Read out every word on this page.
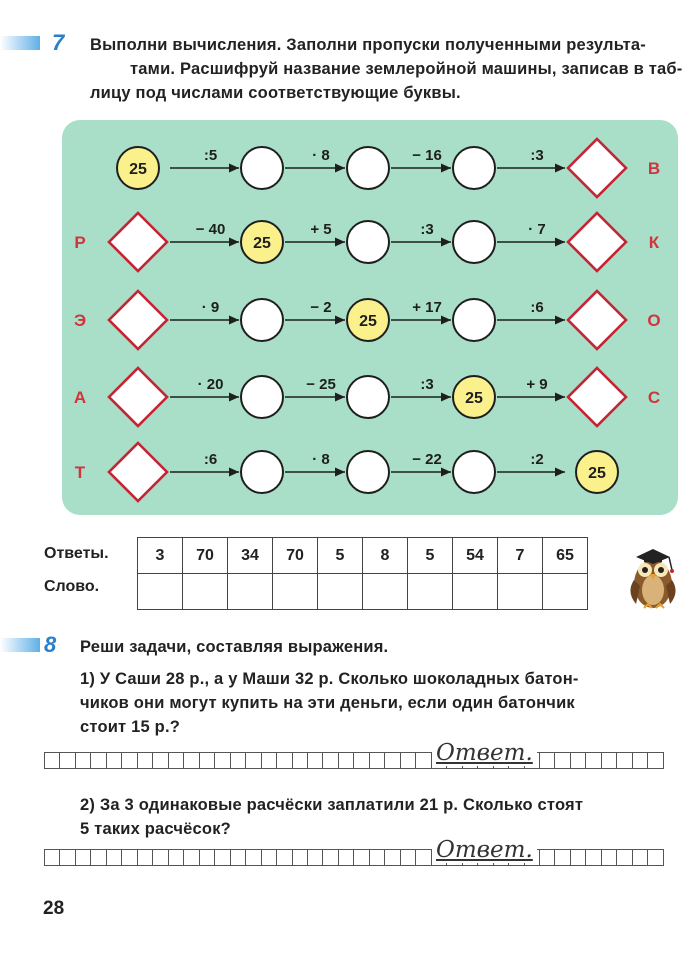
7 Выполни вычисления. Заполни пропуски полученными результа-
тами. Расшифруй название землеройной машины, записав в таб-
лицу под числами соответствующие буквы.
:5	· 8	− 16	:3
25	В
− 40	+ 5	:3	· 7
25
Р	К
· 9	− 2	+ 17	:6
25
Э	О
· 20	− 25	:3	+ 9
25
А	С
:6	· 8	− 22	:2
25
Т
Ответы.
Слово.
3	70	34	70	5	8	5	54	7	65

8 Реши задачи, составляя выражения.
1) У Саши 28 р., а у Маши 32 р. Сколько шоколадных батон-
чиков они могут купить на эти деньги, если один батончик
стоит 15 р.?
Ответ.
2) За 3 одинаковые расчёски заплатили 21 р. Сколько стоят
5 таких расчёсок?
Ответ.
28
